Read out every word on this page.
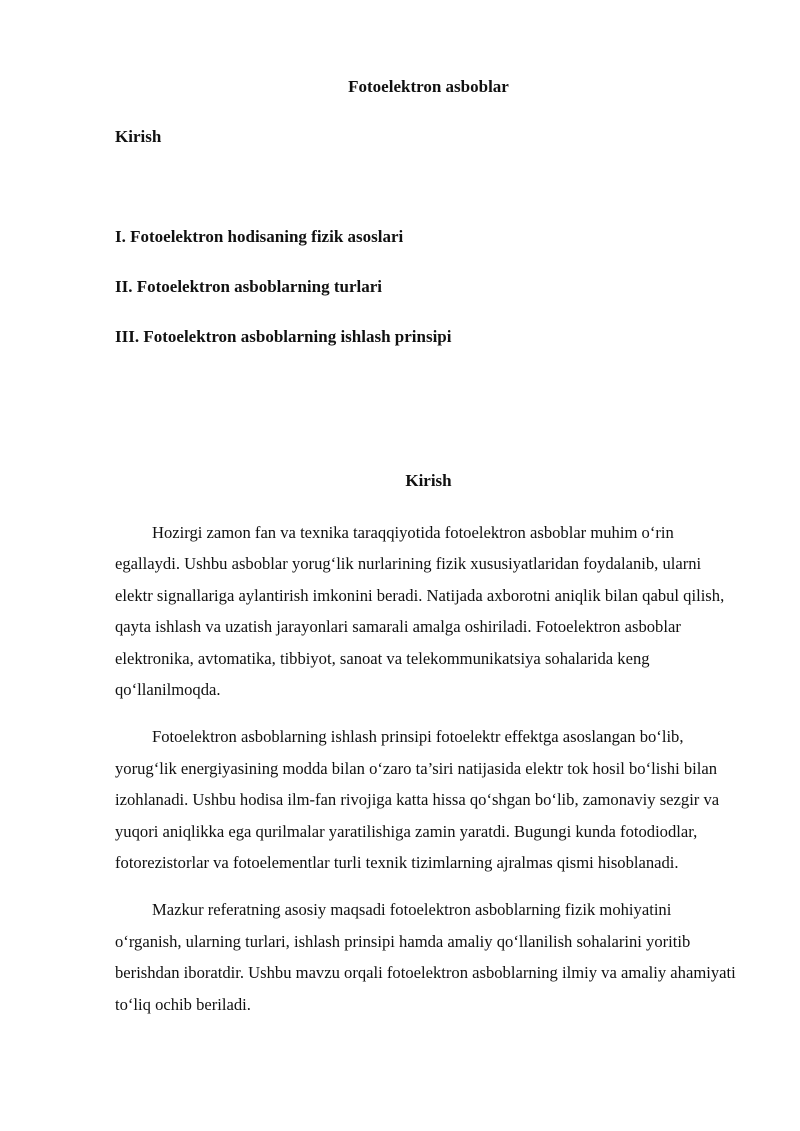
Fotoelektron asboblar
Kirish
I. Fotoelektron hodisaning fizik asoslari
II. Fotoelektron asboblarning turlari
III. Fotoelektron asboblarning ishlash prinsipi
Kirish

Hozirgi zamon fan va texnika taraqqiyotida fotoelektron asboblar muhim o‘rin egallaydi. Ushbu asboblar yorug‘lik nurlarining fizik xususiyatlaridan foydalanib, ularni elektr signallariga aylantirish imkonini beradi. Natijada axborotni aniqlik bilan qabul qilish, qayta ishlash va uzatish jarayonlari samarali amalga oshiriladi. Fotoelektron asboblar elektronika, avtomatika, tibbiyot, sanoat va telekommunikatsiya sohalarida keng qo‘llanilmoqda.

Fotoelektron asboblarning ishlash prinsipi fotoelektr effektga asoslangan bo‘lib, yorug‘lik energiyasining modda bilan o‘zaro ta’siri natijasida elektr tok hosil bo‘lishi bilan izohlanadi. Ushbu hodisa ilm-fan rivojiga katta hissa qo‘shgan bo‘lib, zamonaviy sezgir va yuqori aniqlikka ega qurilmalar yaratilishiga zamin yaratdi. Bugungi kunda fotodiodlar, fotorezistorlar va fotoelementlar turli texnik tizimlarning ajralmas qismi hisoblanadi.

Mazkur referatning asosiy maqsadi fotoelektron asboblarning fizik mohiyatini o‘rganish, ularning turlari, ishlash prinsipi hamda amaliy qo‘llanilish sohalarini yoritib berishdan iboratdir. Ushbu mavzu orqali fotoelektron asboblarning ilmiy va amaliy ahamiyati to‘liq ochib beriladi.
